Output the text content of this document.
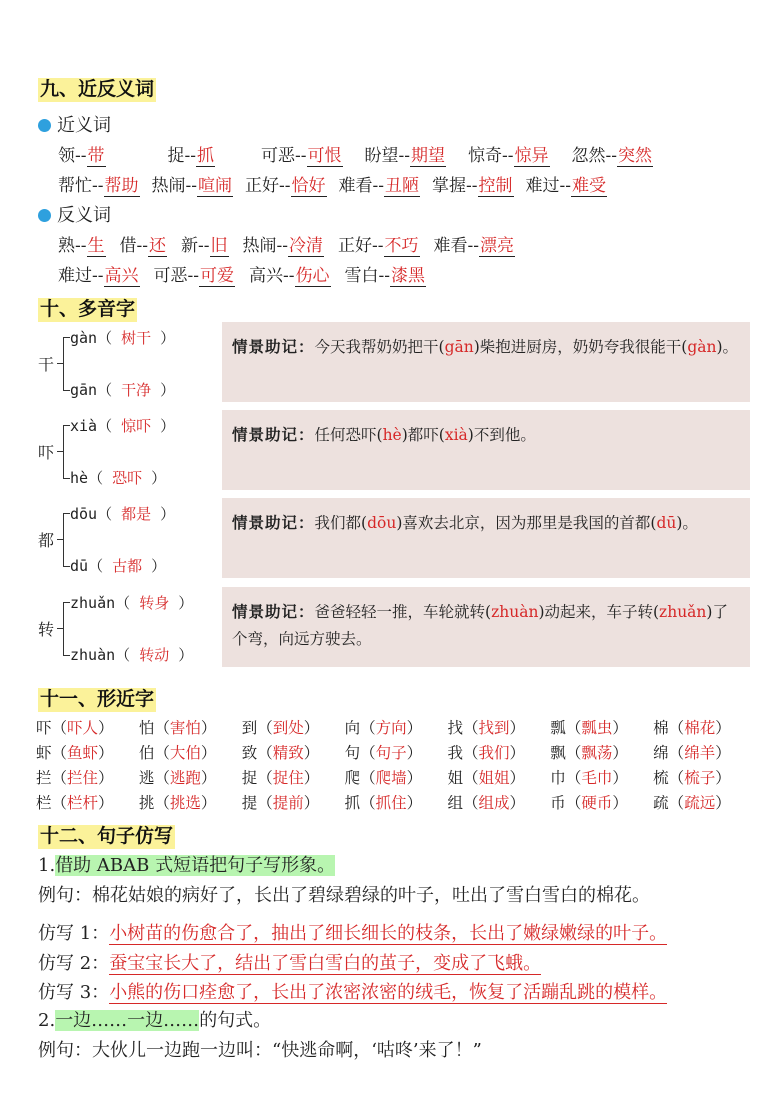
九、近反义词
近义词
领--带	捉--抓	可恶--可恨 盼望--期望 惊奇--惊异 忽然--突然
帮忙--帮助 热闹--喧闹 正好--恰好 难看--丑陋 掌握--控制 难过--难受
反义词
熟--生 借--还 新--旧 热闹--冷清 正好--不巧 难看--漂亮
难过--高兴 可恶--可爱 高兴--伤心 雪白--漆黑
十、多音字
干
gàn（ 树干 ）
gān（ 干净 ）
情景助记：今天我帮奶奶把干(gān)柴抱进厨房，奶奶夸我很能干(gàn)。
吓
xià（ 惊吓 ）
hè（ 恐吓 ）
情景助记：任何恐吓(hè)都吓(xià)不到他。
都
dōu（ 都是 ）
dū（ 古都 ）
情景助记：我们都(dōu)喜欢去北京，因为那里是我国的首都(dū)。
转
zhuǎn（ 转身 ）
zhuàn（ 转动 ）
情景助记：爸爸轻轻一推，车轮就转(zhuàn)动起来，车子转(zhuǎn)了个弯，向远方驶去。
十一、形近字
吓（吓人）	怕（害怕）	到（到处）	向（方向）	找（找到）	瓢（瓢虫）	棉（棉花）
虾（鱼虾）	伯（大伯）	致（精致）	句（句子）	我（我们）	飘（飘荡）	绵（绵羊）
拦（拦住）	逃（逃跑）	捉（捉住）	爬（爬墙）	姐（姐姐）	巾（毛巾）	梳（梳子）
栏（栏杆）	挑（挑选）	提（提前）	抓（抓住）	组（组成）	币（硬币）	疏（疏远）
十二、句子仿写
1.借助 ABAB 式短语把句子写形象。
例句：棉花姑娘的病好了，长出了碧绿碧绿的叶子，吐出了雪白雪白的棉花。
仿写 1：小树苗的伤愈合了，抽出了细长细长的枝条，长出了嫩绿嫩绿的叶子。
仿写 2：蚕宝宝长大了，结出了雪白雪白的茧子，变成了飞蛾。
仿写 3：小熊的伤口痊愈了，长出了浓密浓密的绒毛，恢复了活蹦乱跳的模样。
2.一边……一边……的句式。
例句：大伙儿一边跑一边叫：“快逃命啊，‘咕咚’来了！”
